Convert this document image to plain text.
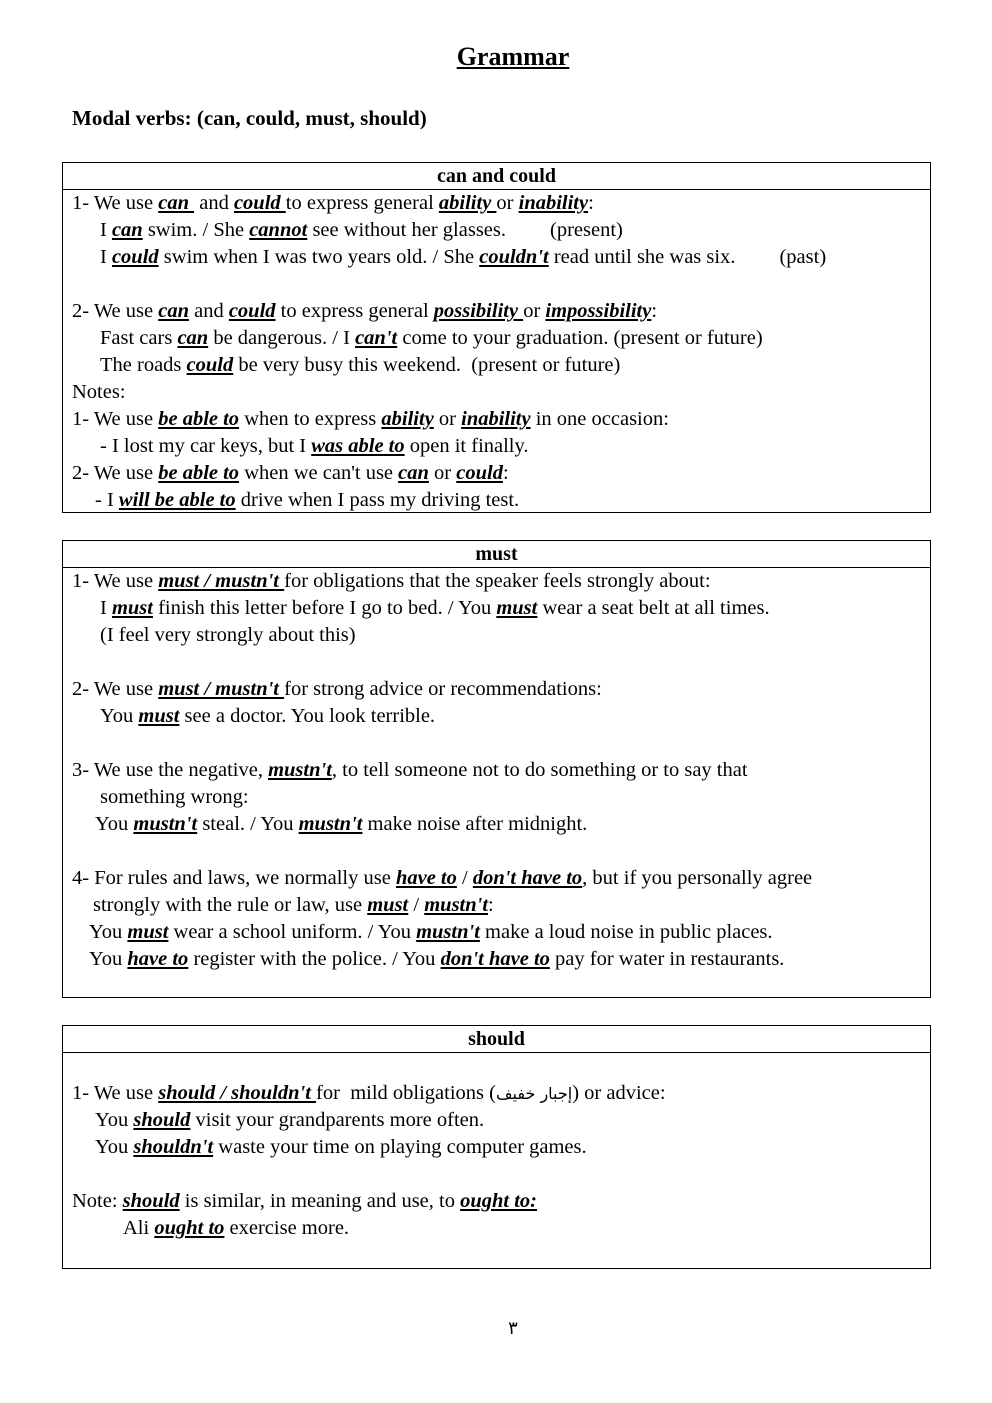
Grammar
Modal verbs: (can, could, must, should)
can and could
1- We use can  and could to express general ability or inability:
I can swim. / She cannot see without her glasses. (present)
I could swim when I was two years old. / She couldn't read until she was six. (past)
2- We use can and could to express general possibility or impossibility:
Fast cars can be dangerous. / I can't come to your graduation. (present or future)
The roads could be very busy this weekend.  (present or future)
Notes:
1- We use be able to when to express ability or inability in one occasion:
- I lost my car keys, but I was able to open it finally.
2- We use be able to when we can't use can or could:
- I will be able to drive when I pass my driving test.
must
1- We use must / mustn't for obligations that the speaker feels strongly about:
I must finish this letter before I go to bed. / You must wear a seat belt at all times.
(I feel very strongly about this)
2- We use must / mustn't for strong advice or recommendations:
You must see a doctor. You look terrible.
3- We use the negative, mustn't, to tell someone not to do something or to say that
something wrong:
You mustn't steal. / You mustn't make noise after midnight.
4- For rules and laws, we normally use have to / don't have to, but if you personally agree
strongly with the rule or law, use must / mustn't:
You must wear a school uniform. / You mustn't make a loud noise in public places.
You have to register with the police. / You don't have to pay for water in restaurants.
should
1- We use should / shouldn't for  mild obligations (إجبار خفيف) or advice:
You should visit your grandparents more often.
You shouldn't waste your time on playing computer games.
Note: should is similar, in meaning and use, to ought to:
Ali ought to exercise more.
٣
